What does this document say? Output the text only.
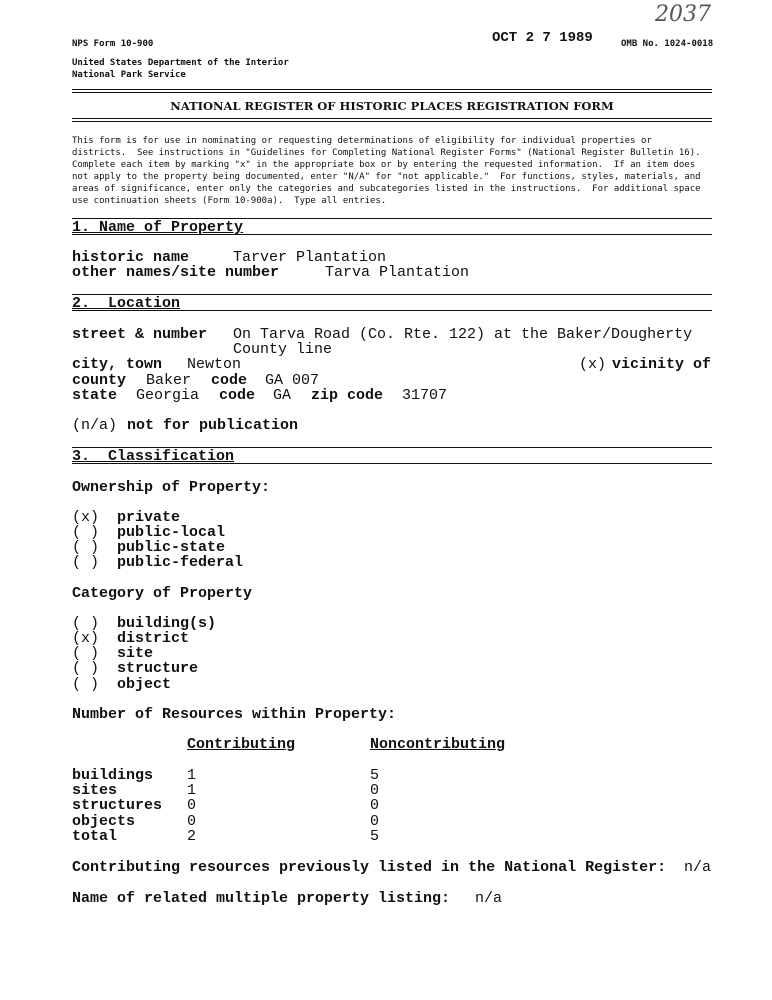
NPS Form 10-900	OCT 2 7 1989	OMB No. 1024-0018
2037
United States Department of the Interior
National Park Service
NATIONAL REGISTER OF HISTORIC PLACES REGISTRATION FORM
This form is for use in nominating or requesting determinations of eligibility for individual properties or
districts.  See instructions in "Guidelines for Completing National Register Forms" (National Register Bulletin 16).
Complete each item by marking "x" in the appropriate box or by entering the requested information.  If an item does
not apply to the property being documented, enter "N/A" for "not applicable."  For functions, styles, materials, and
areas of significance, enter only the categories and subcategories listed in the instructions.  For additional space
use continuation sheets (Form 10-900a).  Type all entries.
1. Name of Property
historic name	Tarver Plantation
other names/site number	Tarva Plantation
2.  Location
street & number On Tarva Road (Co. Rte. 122) at the Baker/Dougherty
County line
city, town Newton	(x) vicinity of
county Baker code GA 007
state Georgia code GA zip code 31707
(n/a) not for publication
3.  Classification
Ownership of Property:
(x) private
( ) public-local
( ) public-state
( ) public-federal
Category of Property
( ) building(s)
(x) district
( ) site
( ) structure
( ) object
Number of Resources within Property:
Contributing	Noncontributing
buildings 1	5
sites	1	0
structures 0	0
objects	0	0
total	2	5
Contributing resources previously listed in the National Register: n/a
Name of related multiple property listing: n/a
